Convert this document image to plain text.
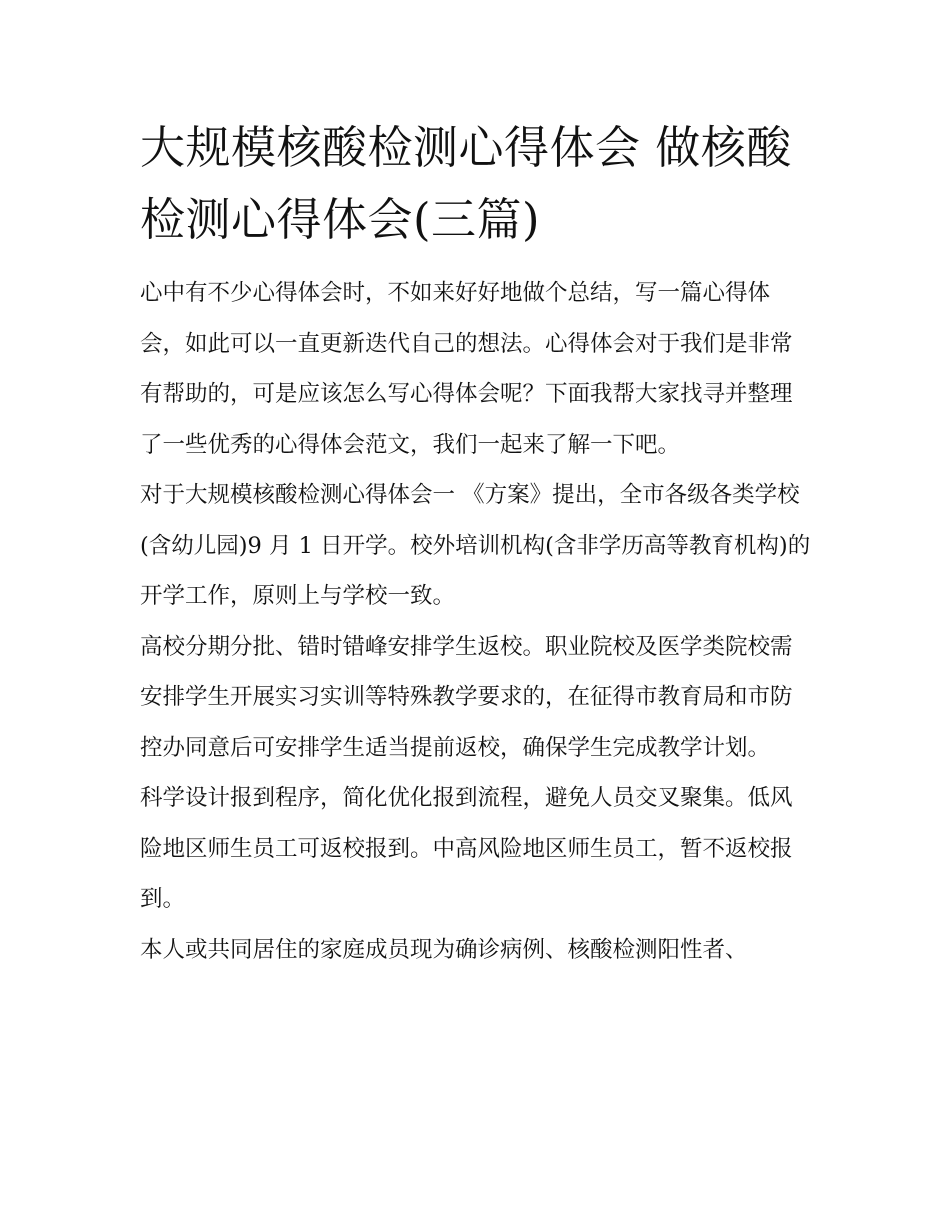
大规模核酸检测心得体会 做核酸检测心得体会(三篇)

心中有不少心得体会时，不如来好好地做个总结，写一篇心得体会，如此可以一直更新迭代自己的想法。心得体会对于我们是非常有帮助的，可是应该怎么写心得体会呢？下面我帮大家找寻并整理了一些优秀的心得体会范文，我们一起来了解一下吧。

对于大规模核酸检测心得体会一 《方案》提出，全市各级各类学校(含幼儿园)9 月 1 日开学。校外培训机构(含非学历高等教育机构)的开学工作，原则上与学校一致。

高校分期分批、错时错峰安排学生返校。职业院校及医学类院校需安排学生开展实习实训等特殊教学要求的，在征得市教育局和市防控办同意后可安排学生适当提前返校，确保学生完成教学计划。

科学设计报到程序，简化优化报到流程，避免人员交叉聚集。低风险地区师生员工可返校报到。中高风险地区师生员工，暂不返校报到。

本人或共同居住的家庭成员现为确诊病例、核酸检测阳性者、
